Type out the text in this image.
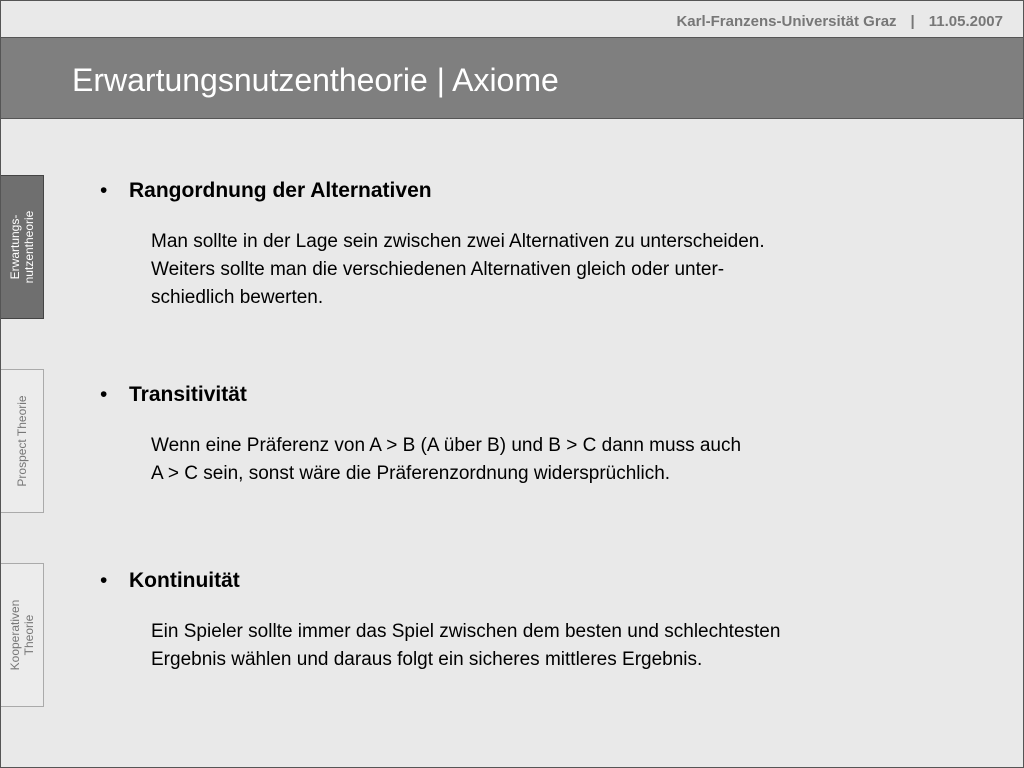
Karl-Franzens-Universität Graz | 11.05.2007
Erwartungsnutzentheorie | Axiome
Erwartungs- nutzentheorie
Prospect Theorie
Kooperativen Theorie
• Rangordnung der Alternativen
Man sollte in der Lage sein zwischen zwei Alternativen zu unterscheiden.
Weiters sollte man die verschiedenen Alternativen gleich oder unter-
schiedlich bewerten.
• Transitivität
Wenn eine Präferenz von A > B (A über B) und B > C dann muss auch
A > C sein, sonst wäre die Präferenzordnung widersprüchlich.
• Kontinuität
Ein Spieler sollte immer das Spiel zwischen dem besten und schlechtesten
Ergebnis wählen und daraus folgt ein sicheres mittleres Ergebnis.
